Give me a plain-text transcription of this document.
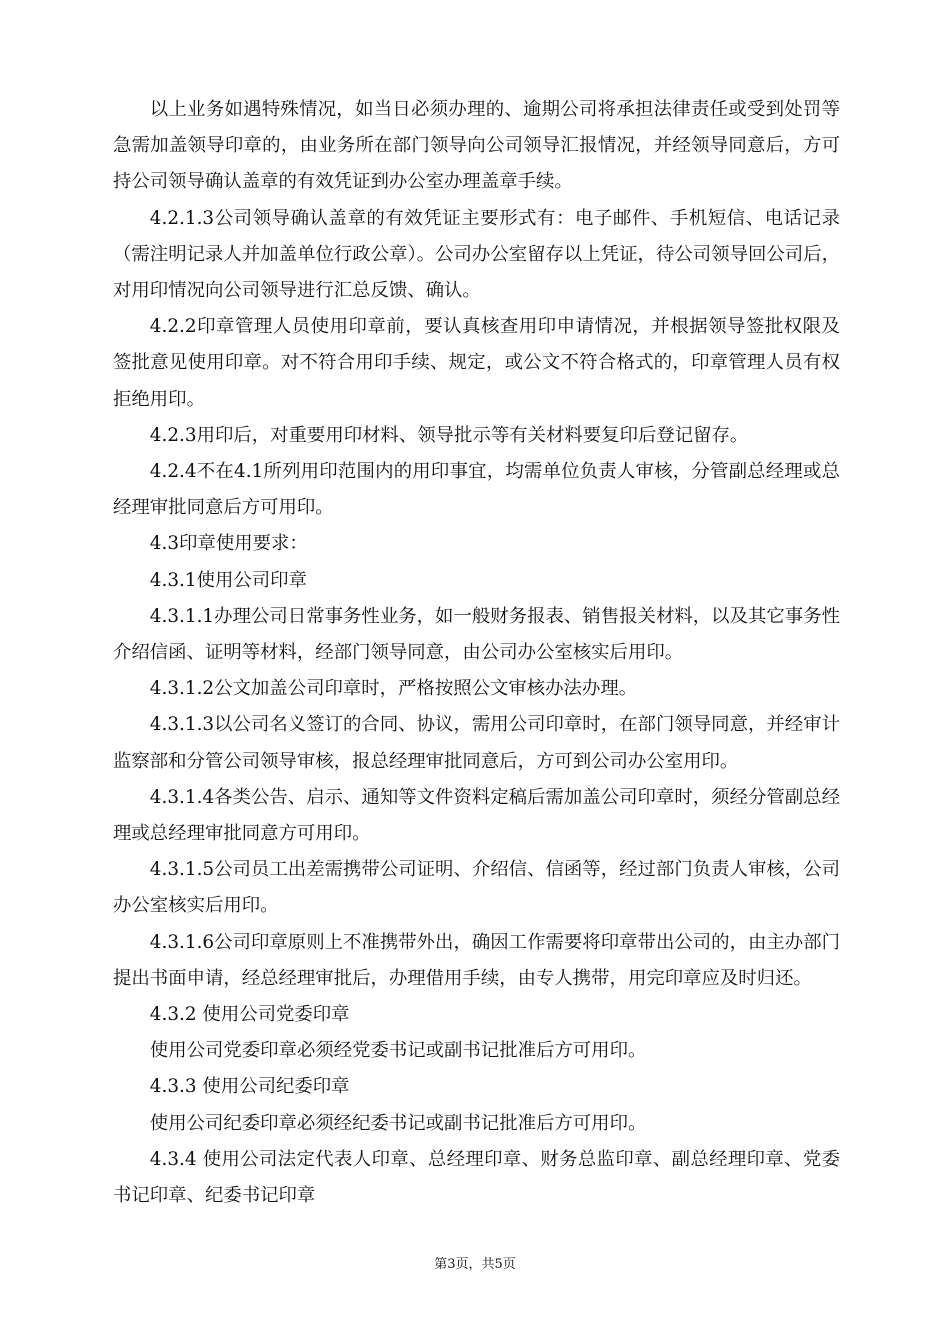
以上业务如遇特殊情况，如当日必须办理的、逾期公司将承担法律责任或受到处罚等急需加盖领导印章的，由业务所在部门领导向公司领导汇报情况，并经领导同意后，方可持公司领导确认盖章的有效凭证到办公室办理盖章手续。

4.2.1.3公司领导确认盖章的有效凭证主要形式有：电子邮件、手机短信、电话记录（需注明记录人并加盖单位行政公章）。公司办公室留存以上凭证，待公司领导回公司后，对用印情况向公司领导进行汇总反馈、确认。

4.2.2印章管理人员使用印章前，要认真核查用印申请情况，并根据领导签批权限及签批意见使用印章。对不符合用印手续、规定，或公文不符合格式的，印章管理人员有权拒绝用印。

4.2.3用印后，对重要用印材料、领导批示等有关材料要复印后登记留存。

4.2.4不在4.1所列用印范围内的用印事宜，均需单位负责人审核，分管副总经理或总经理审批同意后方可用印。

4.3印章使用要求：

4.3.1使用公司印章

4.3.1.1办理公司日常事务性业务，如一般财务报表、销售报关材料，以及其它事务性介绍信函、证明等材料，经部门领导同意，由公司办公室核实后用印。

4.3.1.2公文加盖公司印章时，严格按照公文审核办法办理。

4.3.1.3以公司名义签订的合同、协议，需用公司印章时，在部门领导同意，并经审计监察部和分管公司领导审核，报总经理审批同意后，方可到公司办公室用印。

4.3.1.4各类公告、启示、通知等文件资料定稿后需加盖公司印章时，须经分管副总经理或总经理审批同意方可用印。

4.3.1.5公司员工出差需携带公司证明、介绍信、信函等，经过部门负责人审核，公司办公室核实后用印。

4.3.1.6公司印章原则上不准携带外出，确因工作需要将印章带出公司的，由主办部门提出书面申请，经总经理审批后，办理借用手续，由专人携带，用完印章应及时归还。

4.3.2 使用公司党委印章

使用公司党委印章必须经党委书记或副书记批准后方可用印。

4.3.3 使用公司纪委印章

使用公司纪委印章必须经纪委书记或副书记批准后方可用印。

4.3.4 使用公司法定代表人印章、总经理印章、财务总监印章、副总经理印章、党委书记印章、纪委书记印章

第3页，共5页
